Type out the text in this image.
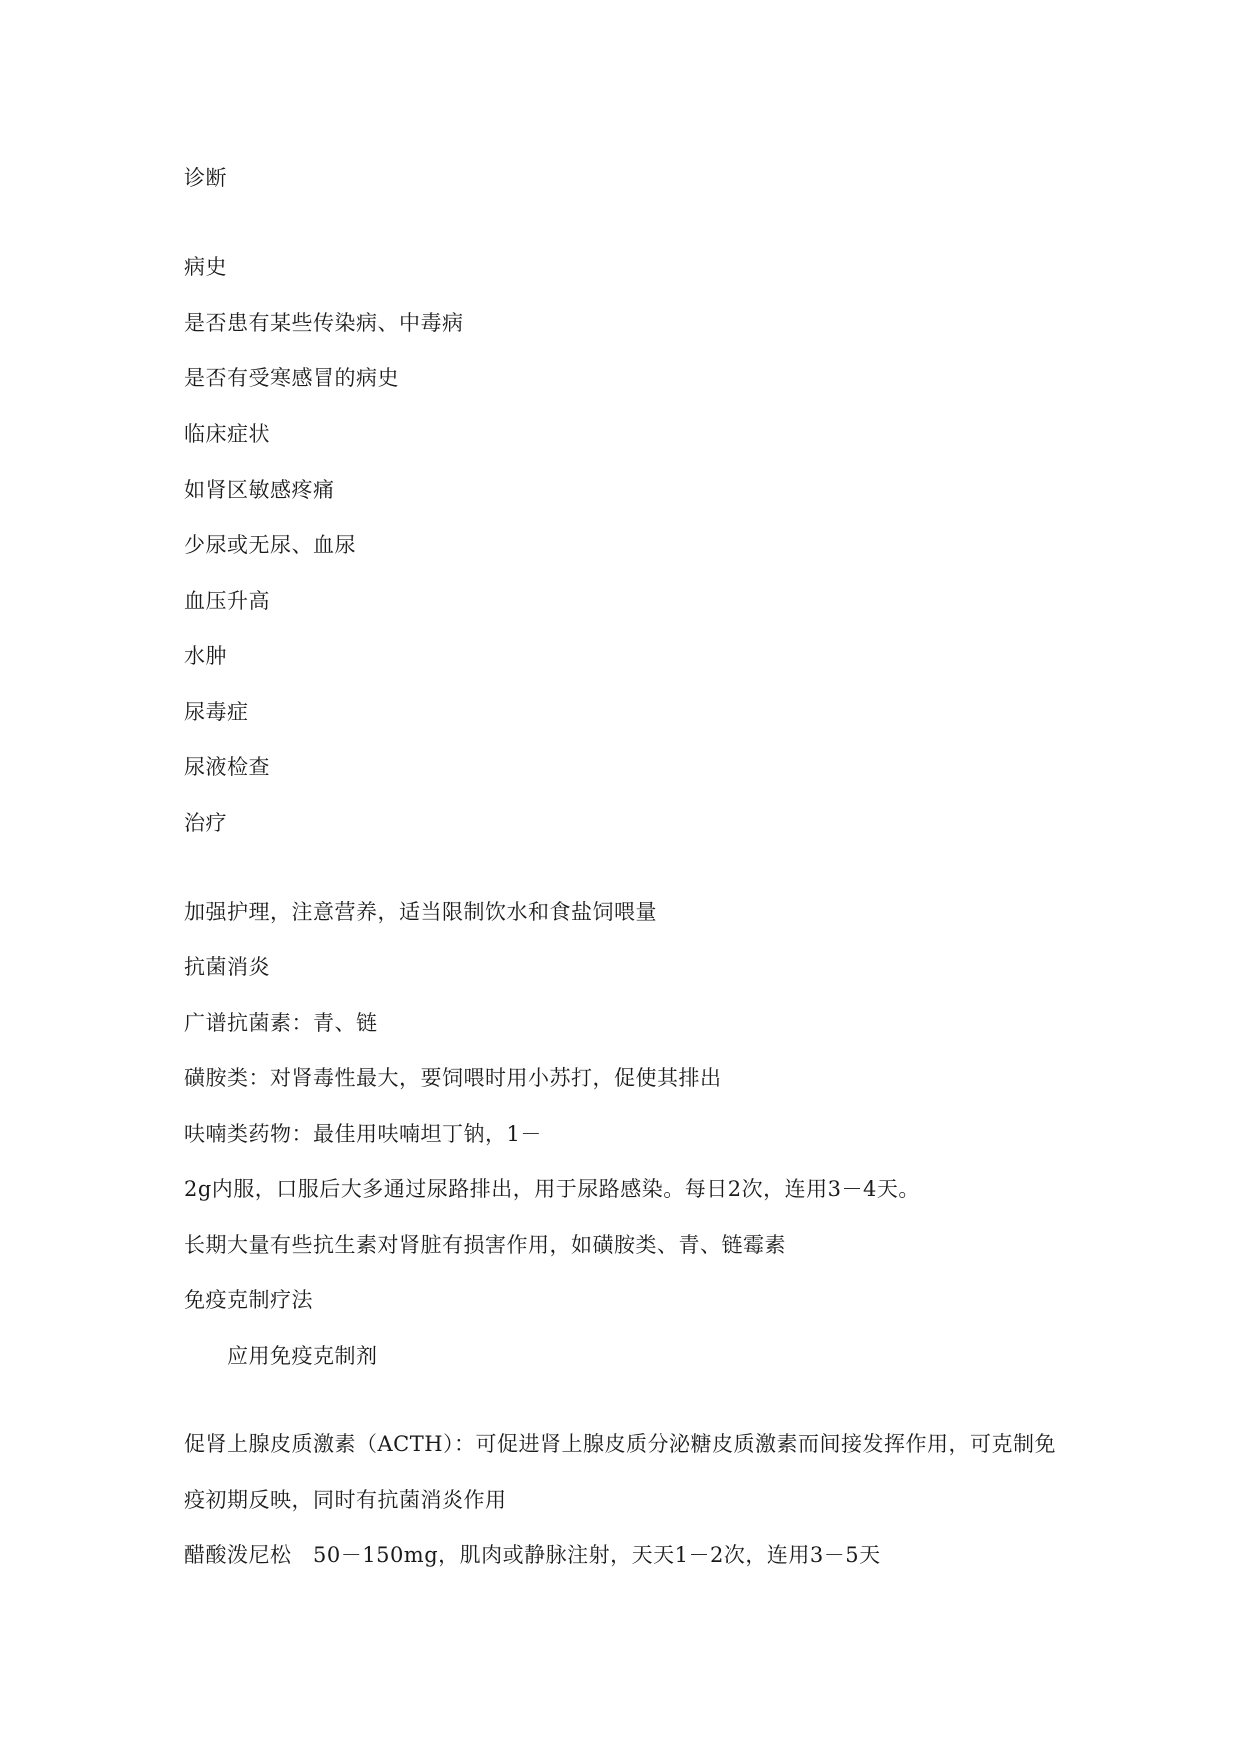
诊断
病史
是否患有某些传染病、中毒病
是否有受寒感冒的病史
临床症状
如肾区敏感疼痛
少尿或无尿、血尿
血压升高
水肿
尿毒症
尿液检查
治疗
加强护理，注意营养，适当限制饮水和食盐饲喂量
抗菌消炎
广谱抗菌素：青、链
磺胺类：对肾毒性最大，要饲喂时用小苏打，促使其排出
呋喃类药物：最佳用呋喃坦丁钠，1－
2g内服，口服后大多通过尿路排出，用于尿路感染。每日2次，连用3－4天。
长期大量有些抗生素对肾脏有损害作用，如磺胺类、青、链霉素
免疫克制疗法
应用免疫克制剂
促肾上腺皮质激素（ACTH）：可促进肾上腺皮质分泌糖皮质激素而间接发挥作用，可克制免
疫初期反映，同时有抗菌消炎作用
醋酸泼尼松　50－150mg，肌肉或静脉注射，天天1－2次，连用3－5天
